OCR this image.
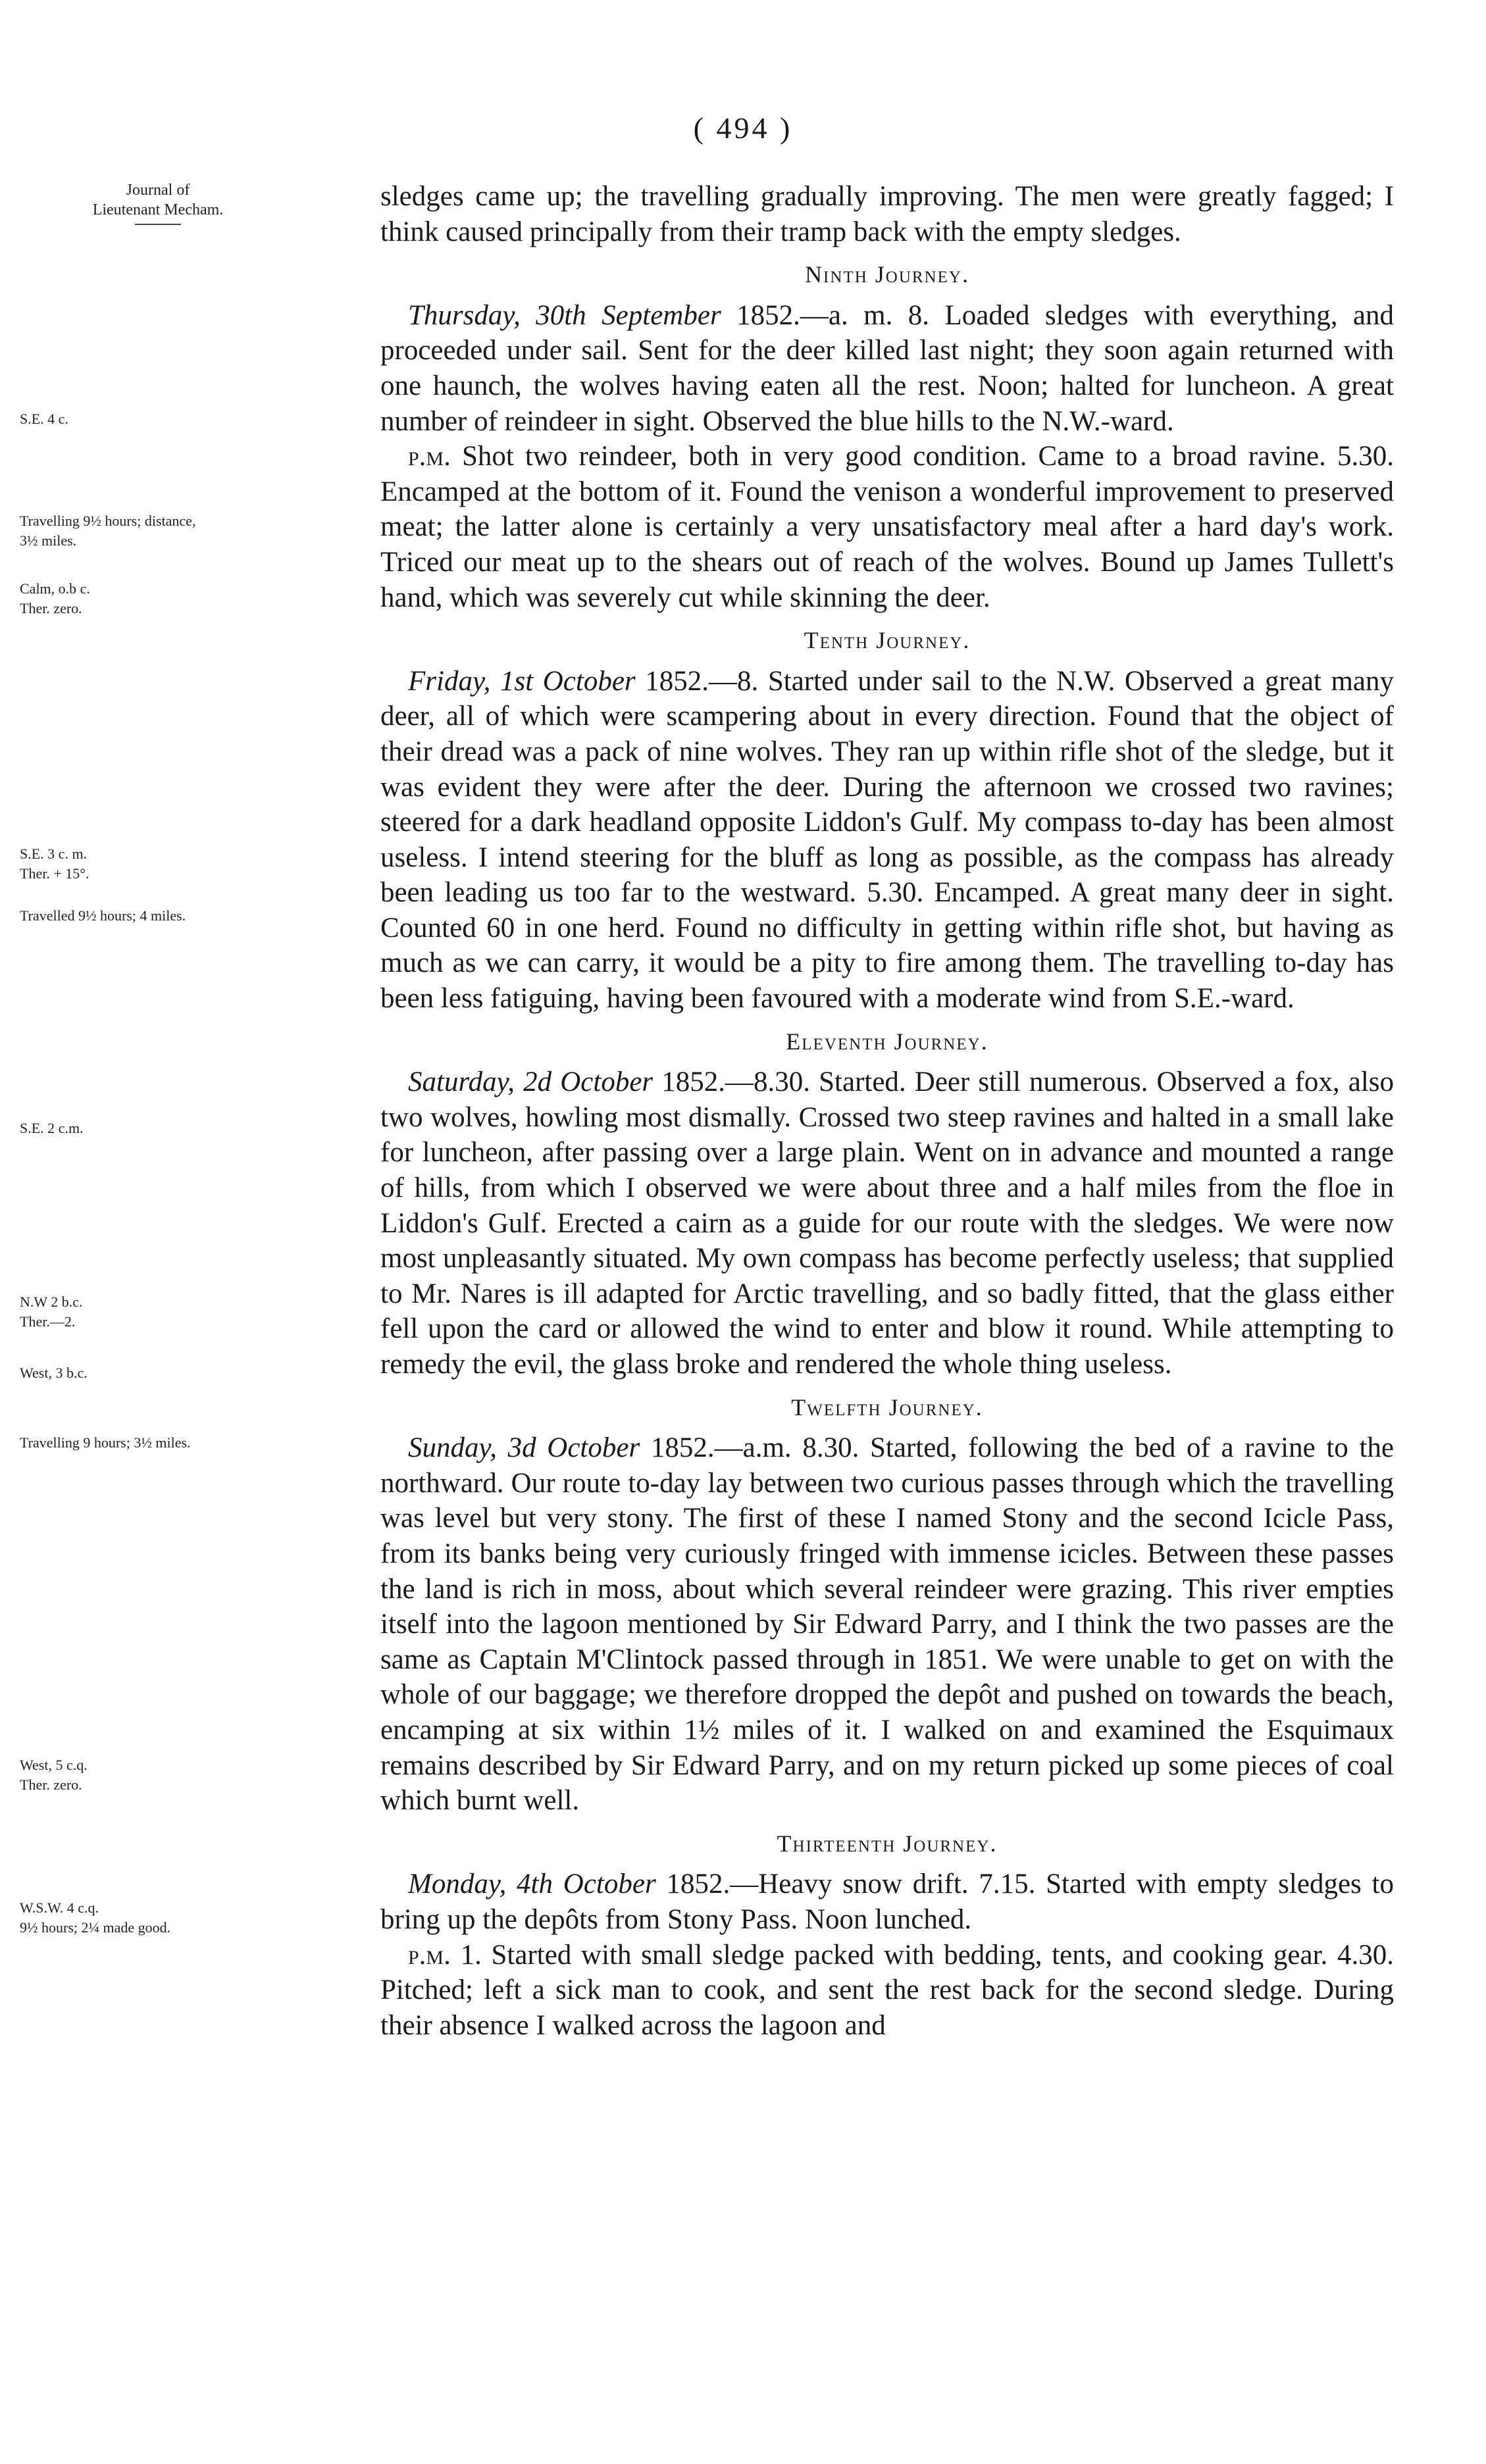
( 494 )
Journal of
Lieutenant Mecham.
S.E. 4 c.
Travelling 9½ hours; distance,
3½ miles.
Calm, o.b c.
Ther. zero.
S.E. 3 c. m.
Ther. + 15°.
Travelled 9½ hours; 4 miles.
S.E. 2 c.m.
N.W 2 b.c.
Ther.—2.
West, 3 b.c.
Travelling 9 hours; 3½ miles.
West, 5 c.q.
Ther. zero.
W.S.W. 4 c.q.
9½ hours; 2¼ made good.

sledges came up; the travelling gradually improving. The men were greatly fagged; I think caused principally from their tramp back with the empty sledges.

Ninth Journey.

Thursday, 30th September 1852.—a. m. 8. Loaded sledges with everything, and proceeded under sail. Sent for the deer killed last night; they soon again returned with one haunch, the wolves having eaten all the rest. Noon; halted for luncheon. A great number of reindeer in sight. Observed the blue hills to the N.W.-ward.

p.m. Shot two reindeer, both in very good condition. Came to a broad ravine. 5.30. Encamped at the bottom of it. Found the venison a wonderful improvement to preserved meat; the latter alone is certainly a very unsatisfactory meal after a hard day's work. Triced our meat up to the shears out of reach of the wolves. Bound up James Tullett's hand, which was severely cut while skinning the deer.

Tenth Journey.

Friday, 1st October 1852.—8. Started under sail to the N.W. Observed a great many deer, all of which were scampering about in every direction. Found that the object of their dread was a pack of nine wolves. They ran up within rifle shot of the sledge, but it was evident they were after the deer. During the afternoon we crossed two ravines; steered for a dark headland opposite Liddon's Gulf. My compass to-day has been almost useless. I intend steering for the bluff as long as possible, as the compass has already been leading us too far to the westward. 5.30. Encamped. A great many deer in sight. Counted 60 in one herd. Found no difficulty in getting within rifle shot, but having as much as we can carry, it would be a pity to fire among them. The travelling to-day has been less fatiguing, having been favoured with a moderate wind from S.E.-ward.

Eleventh Journey.

Saturday, 2d October 1852.—8.30. Started. Deer still numerous. Observed a fox, also two wolves, howling most dismally. Crossed two steep ravines and halted in a small lake for luncheon, after passing over a large plain. Went on in advance and mounted a range of hills, from which I observed we were about three and a half miles from the floe in Liddon's Gulf. Erected a cairn as a guide for our route with the sledges. We were now most unpleasantly situated. My own compass has become perfectly useless; that supplied to Mr. Nares is ill adapted for Arctic travelling, and so badly fitted, that the glass either fell upon the card or allowed the wind to enter and blow it round. While attempting to remedy the evil, the glass broke and rendered the whole thing useless.

Twelfth Journey.

Sunday, 3d October 1852.—a.m. 8.30. Started, following the bed of a ravine to the northward. Our route to-day lay between two curious passes through which the travelling was level but very stony. The first of these I named Stony and the second Icicle Pass, from its banks being very curiously fringed with immense icicles. Between these passes the land is rich in moss, about which several reindeer were grazing. This river empties itself into the lagoon mentioned by Sir Edward Parry, and I think the two passes are the same as Captain M'Clintock passed through in 1851. We were unable to get on with the whole of our baggage; we therefore dropped the depôt and pushed on towards the beach, encamping at six within 1½ miles of it. I walked on and examined the Esquimaux remains described by Sir Edward Parry, and on my return picked up some pieces of coal which burnt well.

Thirteenth Journey.

Monday, 4th October 1852.—Heavy snow drift. 7.15. Started with empty sledges to bring up the depôts from Stony Pass. Noon lunched.

p.m. 1. Started with small sledge packed with bedding, tents, and cooking gear. 4.30. Pitched; left a sick man to cook, and sent the rest back for the second sledge. During their absence I walked across the lagoon and
